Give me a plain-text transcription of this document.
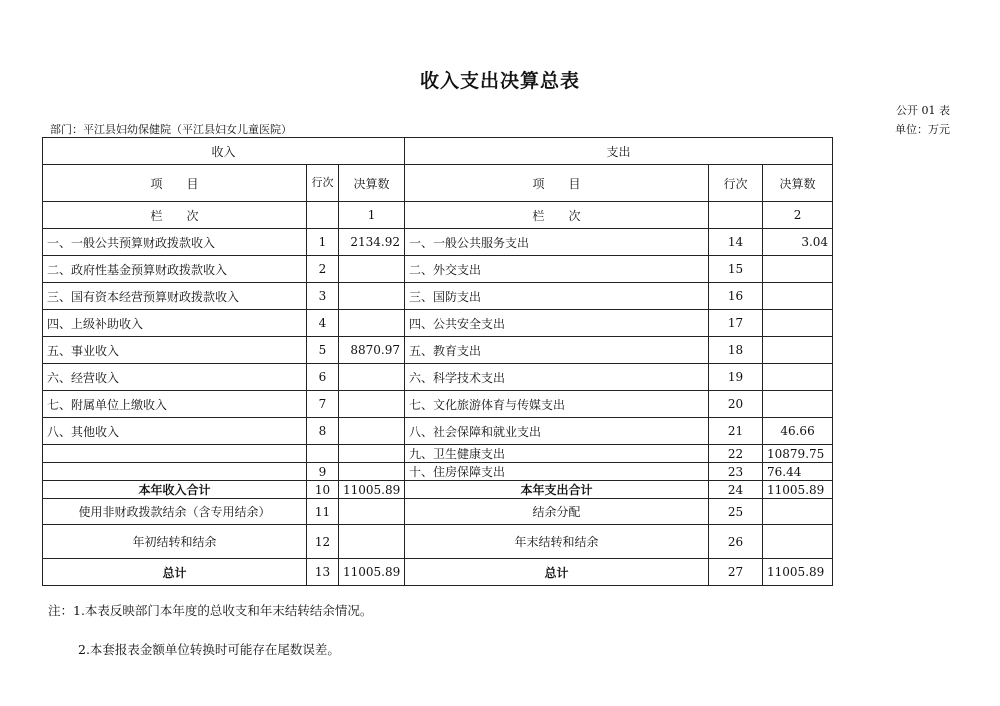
收入支出决算总表
公开 01 表
部门：平江县妇幼保健院（平江县妇女儿童医院）	单位：万元
收入			支出		
项　　目	行次	决算数	项　　目	行次	决算数
栏　　次		1	栏　　次		2
一、一般公共预算财政拨款收入	1	2134.92	一、一般公共服务支出	14	3.04
二、政府性基金预算财政拨款收入	2		二、外交支出	15	
三、国有资本经营预算财政拨款收入	3		三、国防支出	16	
四、上级补助收入	4		四、公共安全支出	17	
五、事业收入	5	8870.97	五、教育支出	18	
六、经营收入	6		六、科学技术支出	19	
七、附属单位上缴收入	7		七、文化旅游体育与传媒支出	20	
八、其他收入	8		八、社会保障和就业支出	21	46.66
			九、卫生健康支出	22	10879.75
	9		十、住房保障支出	23	76.44
本年收入合计	10	11005.89	本年支出合计	24	11005.89
使用非财政拨款结余（含专用结余）	11		结余分配	25	
年初结转和结余	12		年末结转和结余	26	
总计	13	11005.89	总计	27	11005.89
注：1.本表反映部门本年度的总收支和年末结转结余情况。
2.本套报表金额单位转换时可能存在尾数误差。
